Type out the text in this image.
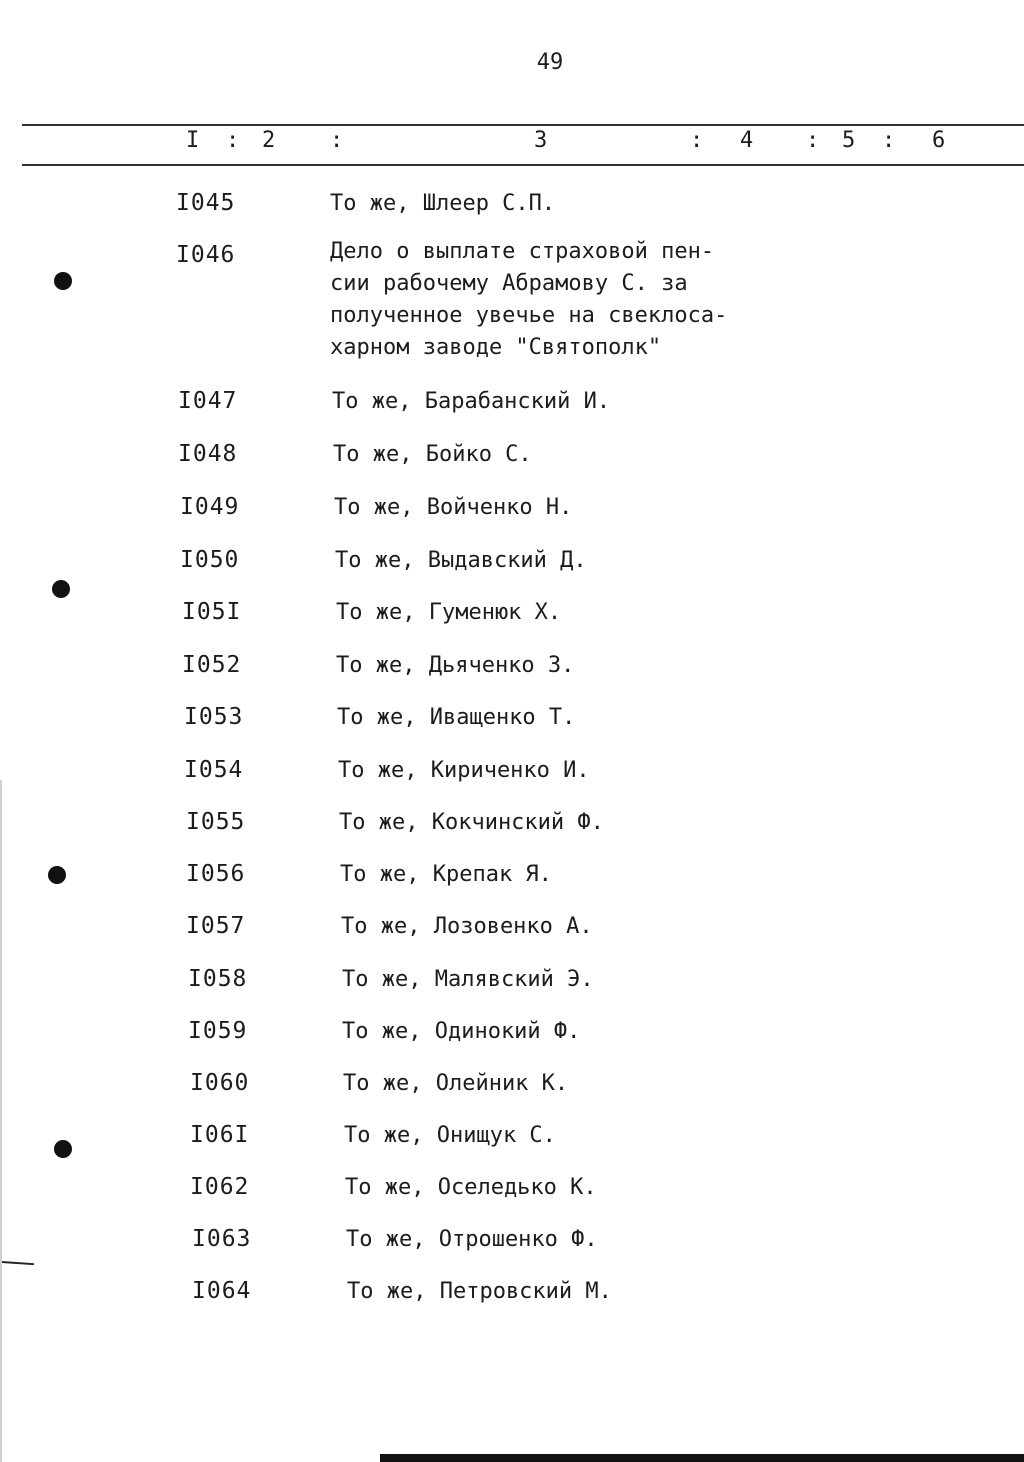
49
I : 2 :	3	: 4 : 5 : 6
I045	То же, Шлеер С.П.
I046	Дело о выплате страховой пен-
сии рабочему Абрамову С. за
полученное увечье на свеклоса-
харном заводе "Святополк"
I047	То же, Барабанский И.
I048	То же, Бойко С.
I049	То же, Войченко Н.
I050	То же, Выдавский Д.
I05I	То же, Гуменюк Х.
I052	То же, Дьяченко З.
I053	То же, Иващенко Т.
I054	То же, Кириченко И.
I055	То же, Кокчинский Ф.
I056	То же, Крепак Я.
I057	То же, Лозовенко А.
I058	То же, Малявский Э.
I059	То же, Одинокий Ф.
I060	То же, Олейник К.
I06I	То же, Онищук С.
I062	То же, Оселедько К.
I063	То же, Отрошенко Ф.
I064	То же, Петровский М.
